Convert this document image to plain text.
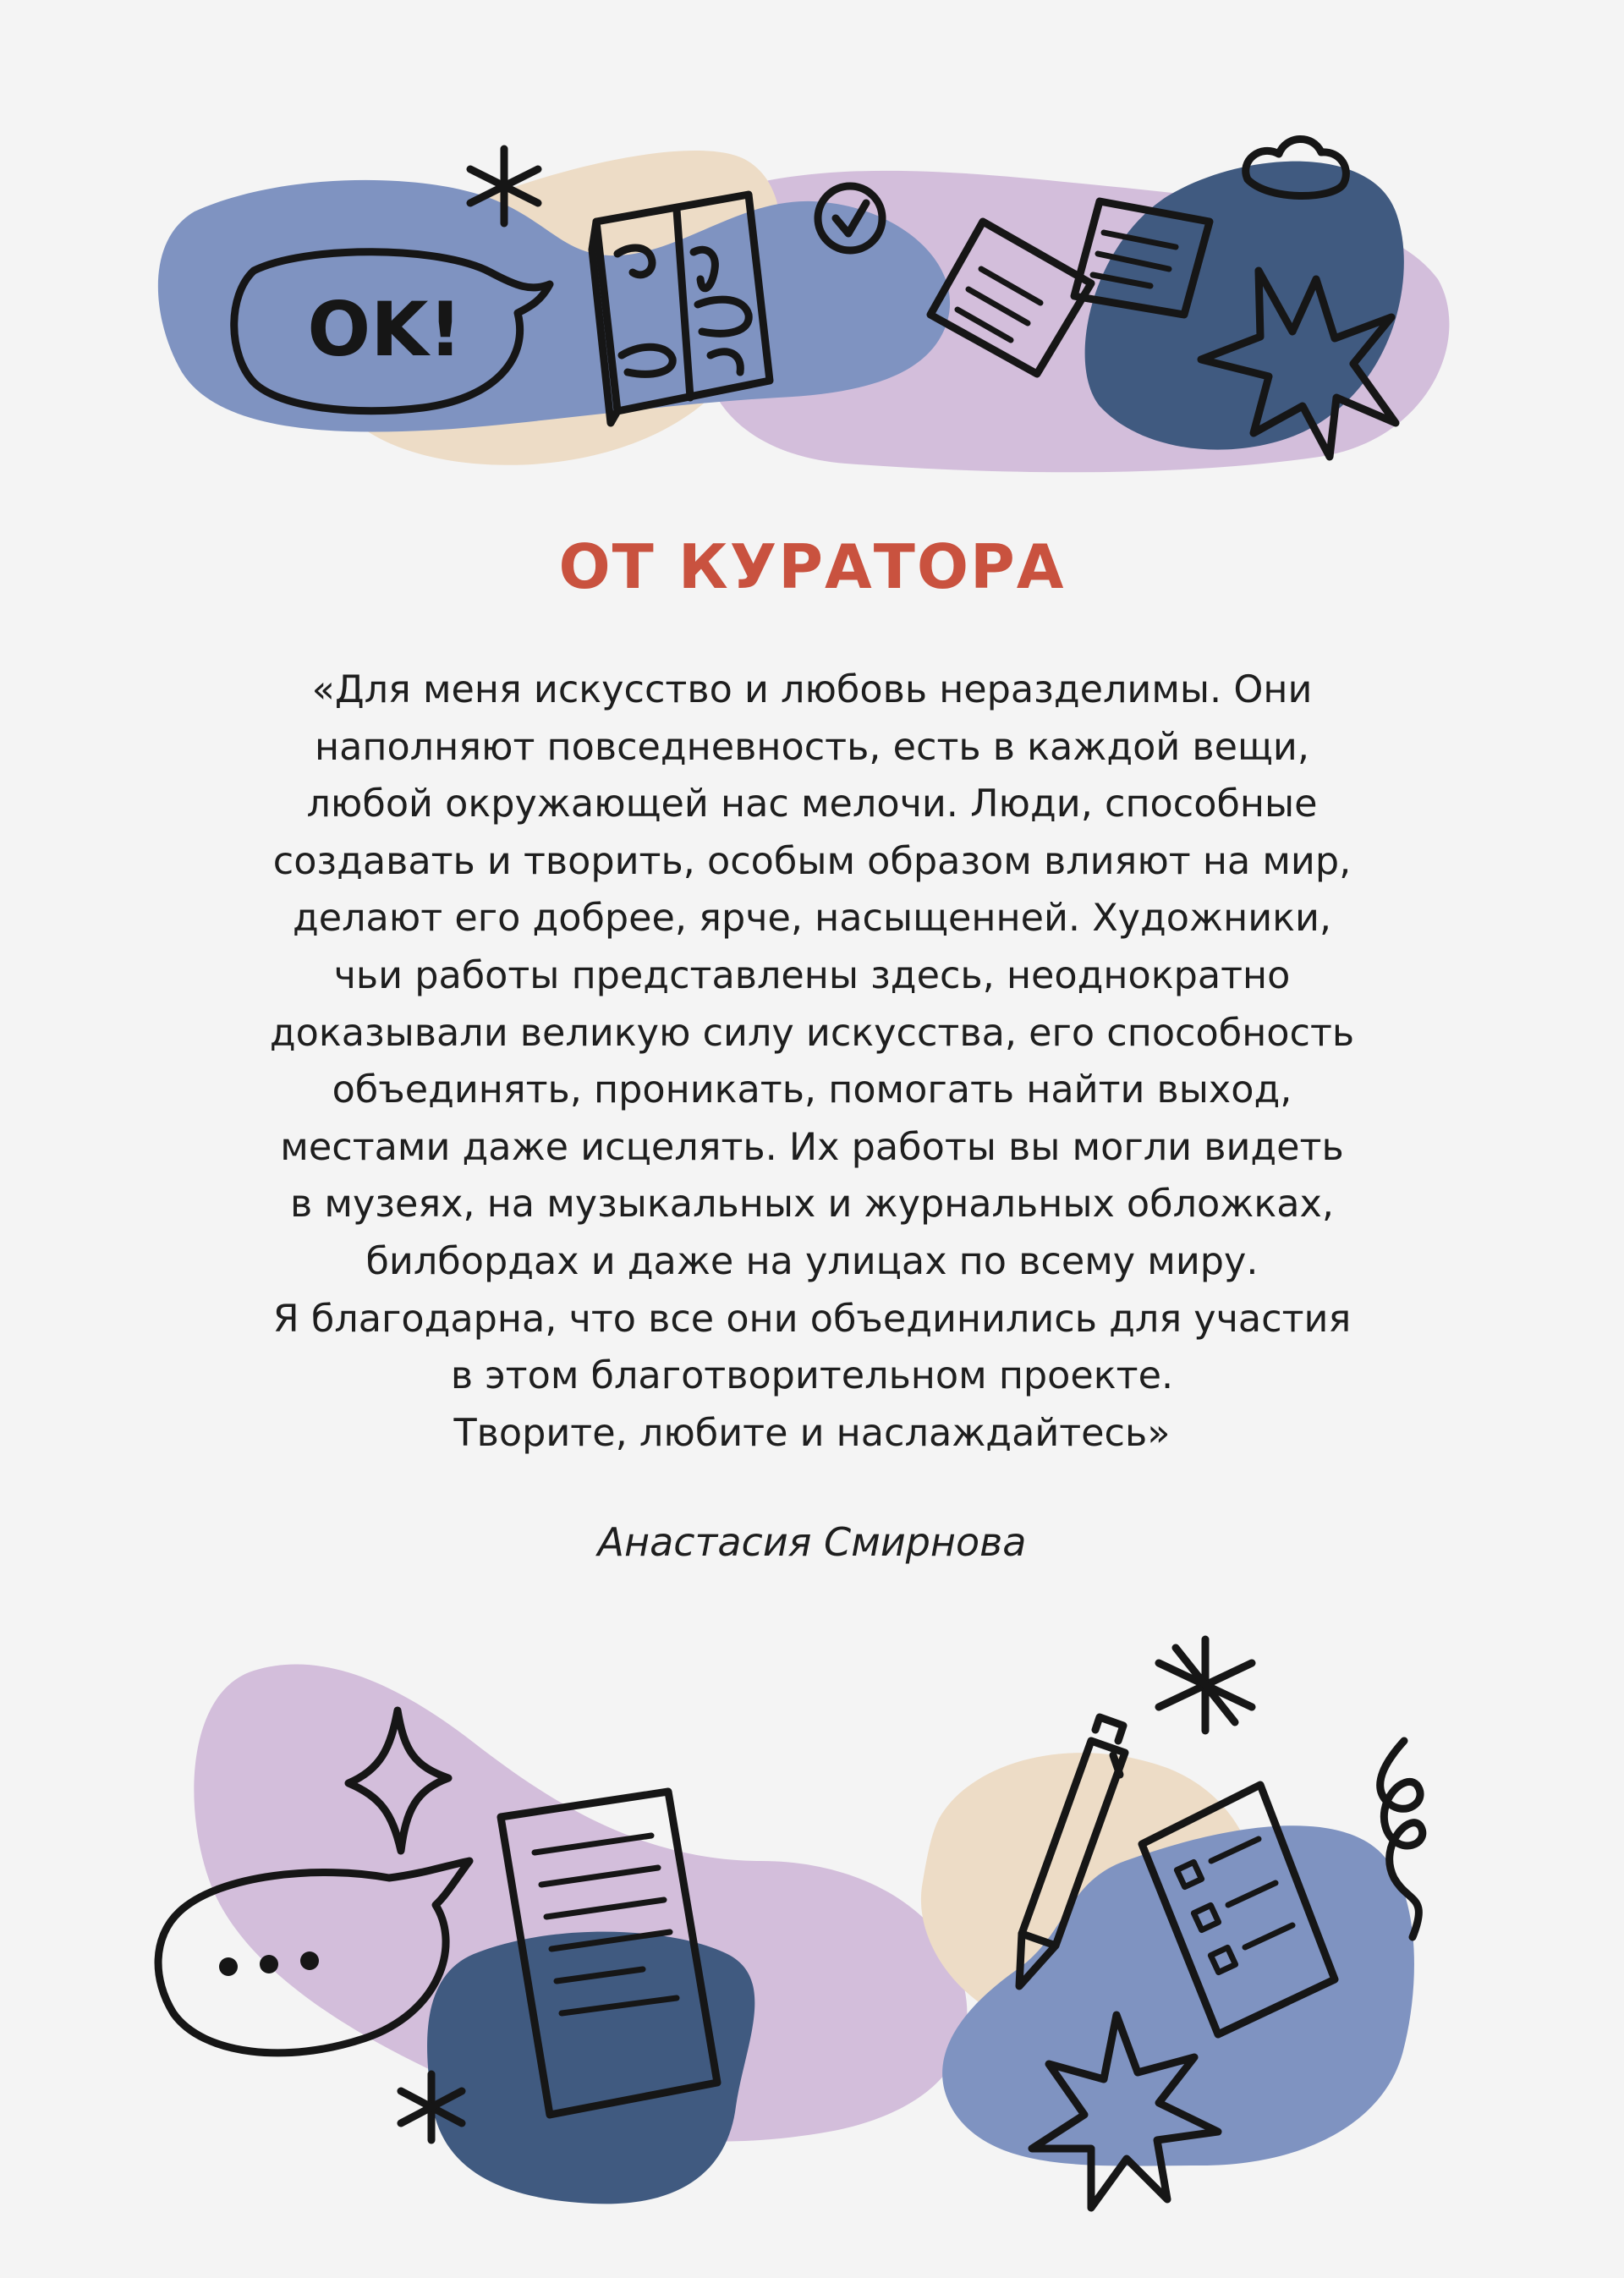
OK!
ОТ КУРАТОРА
«Для меня искусство и любовь неразделимы. Они
наполняют повседневность, есть в каждой вещи,
любой окружающей нас мелочи. Люди, способные
создавать и творить, особым образом влияют на мир,
делают его добрее, ярче, насыщенней. Художники,
чьи работы представлены здесь, неоднократно
доказывали великую силу искусства, его способность
объединять, проникать, помогать найти выход,
местами даже исцелять. Их работы вы могли видеть
в музеях, на музыкальных и журнальных обложках,
билбордах и даже на улицах по всему миру.
Я благодарна, что все они объединились для участия
в этом благотворительном проекте.
Творите, любите и наслаждайтесь»
Анастасия Смирнова
